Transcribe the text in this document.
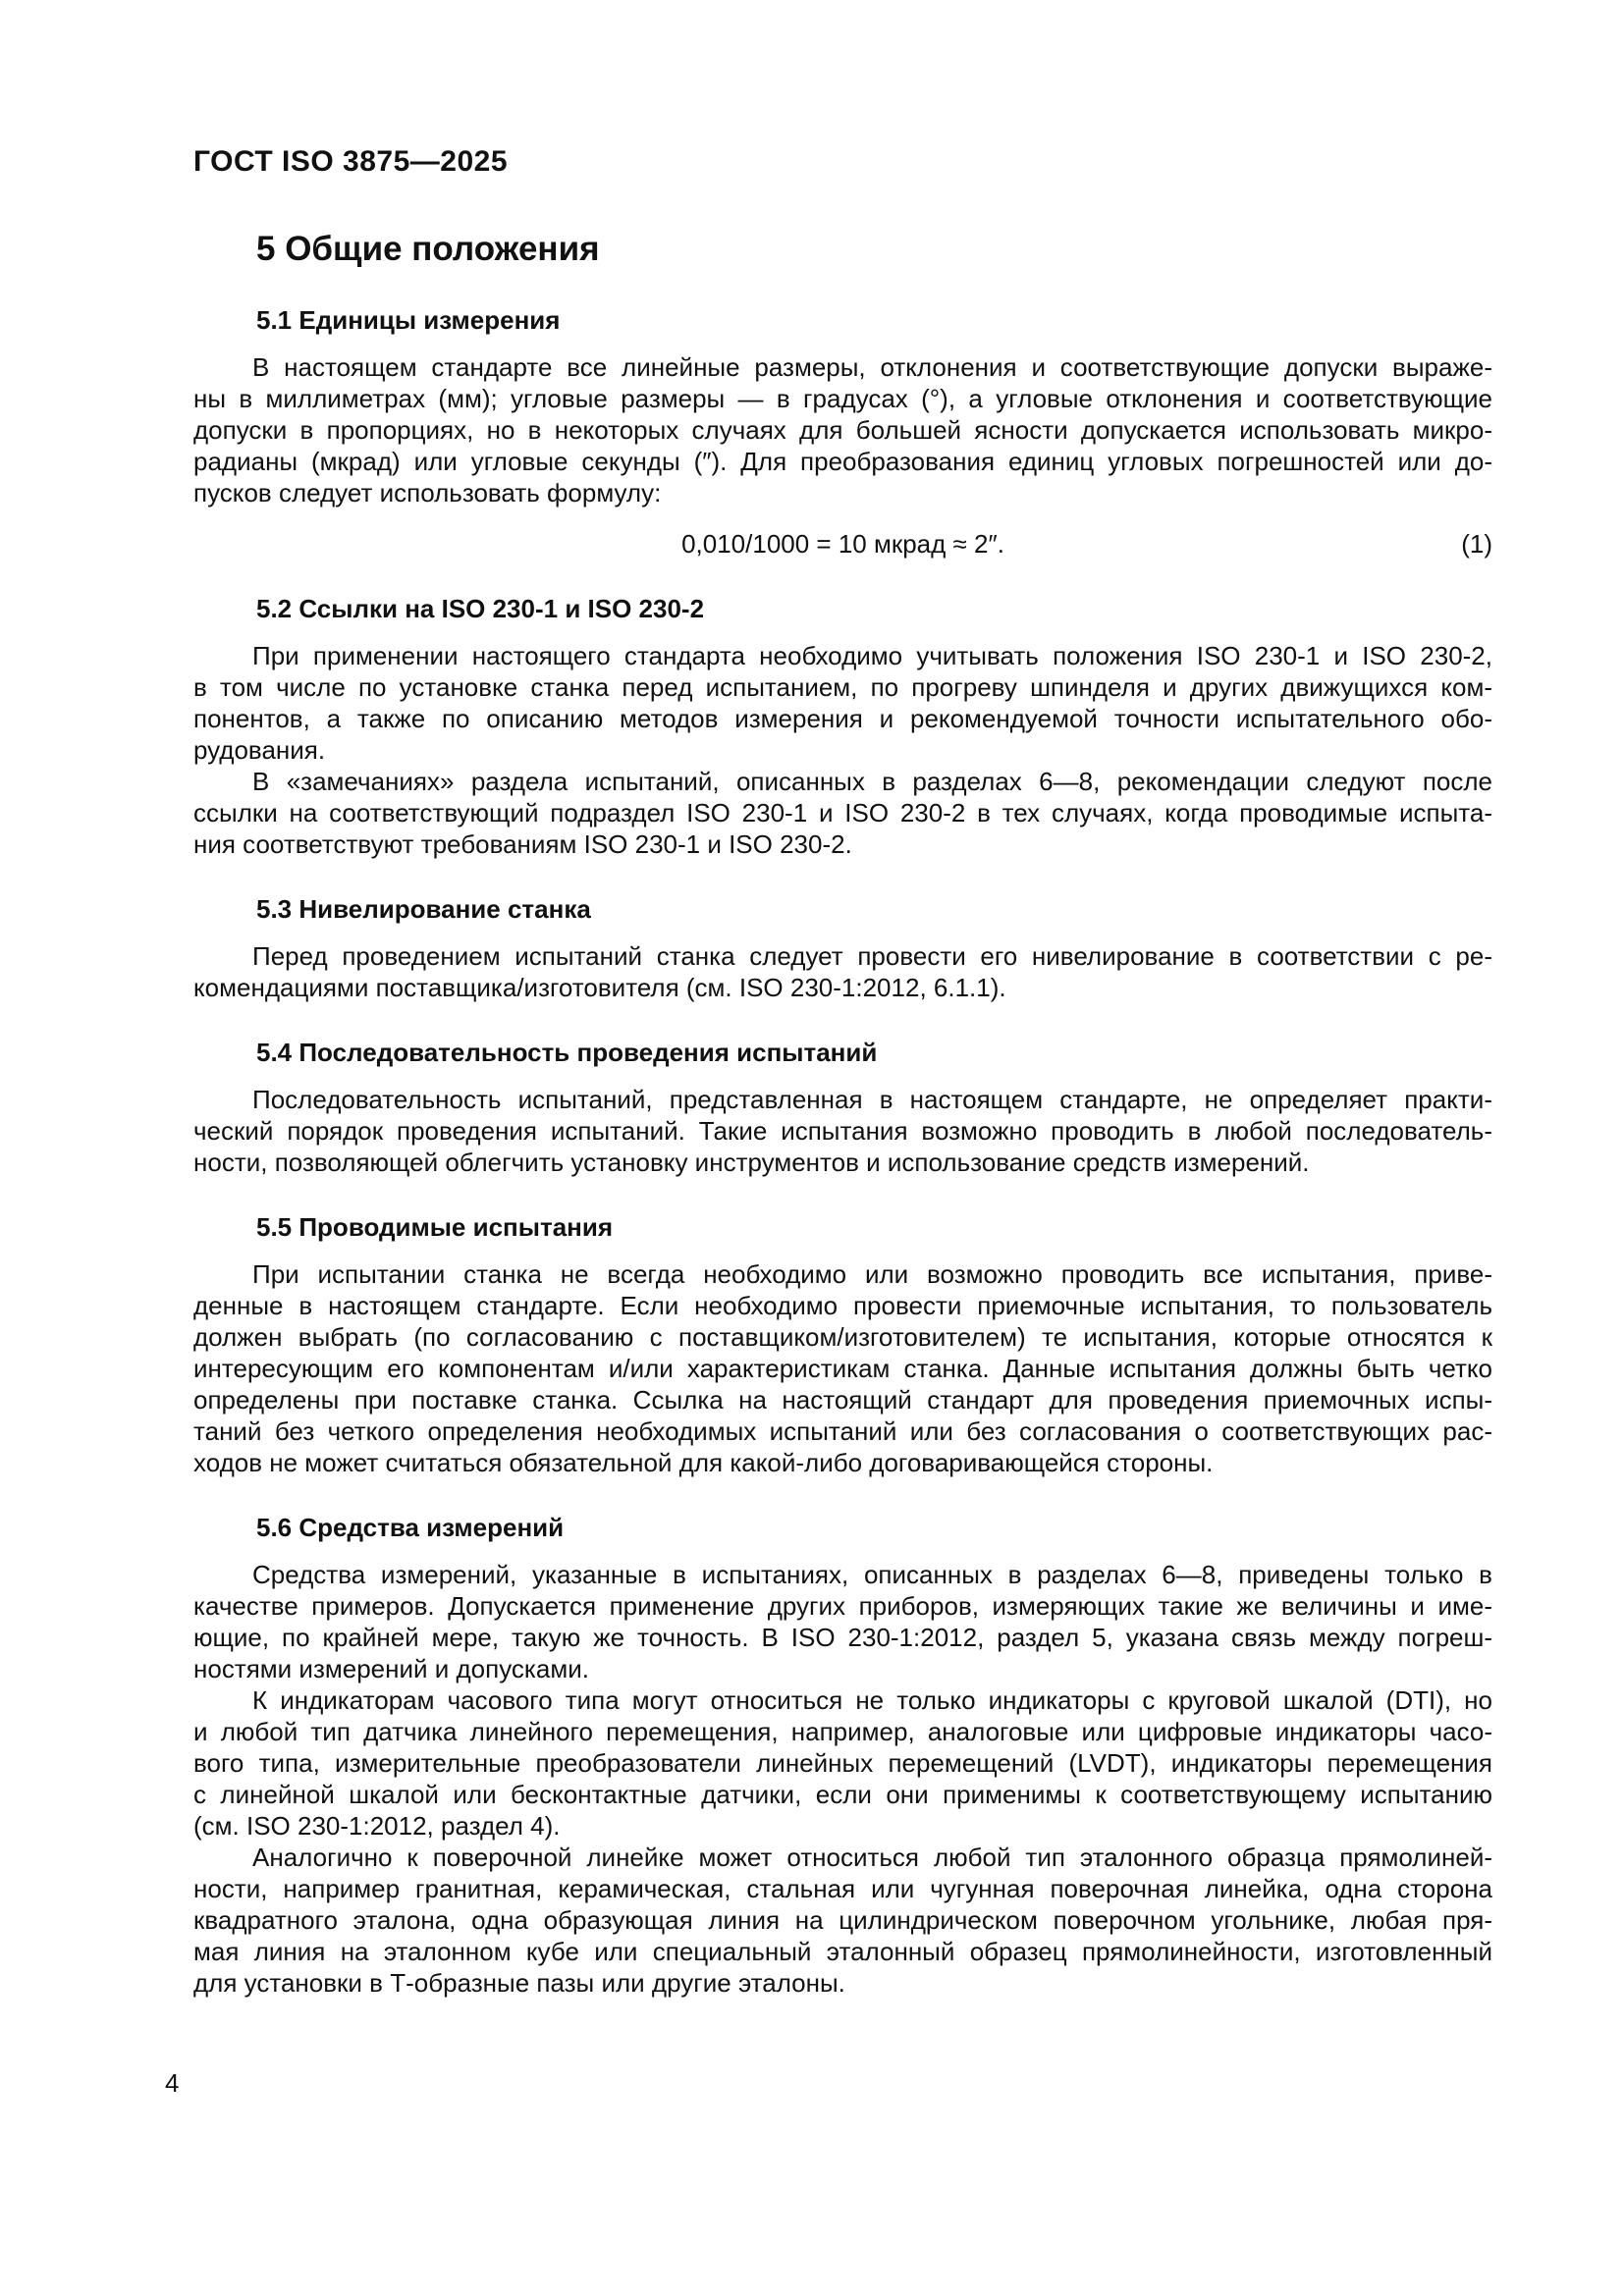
ГОСТ ISO 3875—2025
5 Общие положения
5.1 Единицы измерения
В настоящем стандарте все линейные размеры, отклонения и соответствующие допуски выраже-
ны в миллиметрах (мм); угловые размеры — в градусах (°), а угловые отклонения и соответствующие
допуски в пропорциях, но в некоторых случаях для большей ясности допускается использовать микро-
радианы (мкрад) или угловые секунды (″). Для преобразования единиц угловых погрешностей или до-
пусков следует использовать формулу:
0,010/1000 = 10 мкрад ≈ 2″.	(1)
5.2 Ссылки на ISO 230-1 и ISO 230-2
При применении настоящего стандарта необходимо учитывать положения ISO 230-1 и ISO 230-2,
в том числе по установке станка перед испытанием, по прогреву шпинделя и других движущихся ком-
понентов, а также по описанию методов измерения и рекомендуемой точности испытательного обо-
рудования.
В «замечаниях» раздела испытаний, описанных в разделах 6—8, рекомендации следуют после
ссылки на соответствующий подраздел ISO 230-1 и ISO 230-2 в тех случаях, когда проводимые испыта-
ния соответствуют требованиям ISO 230-1 и ISO 230-2.
5.3 Нивелирование станка
Перед проведением испытаний станка следует провести его нивелирование в соответствии с ре-
комендациями поставщика/изготовителя (см. ISO 230-1:2012, 6.1.1).
5.4 Последовательность проведения испытаний
Последовательность испытаний, представленная в настоящем стандарте, не определяет практи-
ческий порядок проведения испытаний. Такие испытания возможно проводить в любой последователь-
ности, позволяющей облегчить установку инструментов и использование средств измерений.
5.5 Проводимые испытания
При испытании станка не всегда необходимо или возможно проводить все испытания, приве-
денные в настоящем стандарте. Если необходимо провести приемочные испытания, то пользователь
должен выбрать (по согласованию с поставщиком/изготовителем) те испытания, которые относятся к
интересующим его компонентам и/или характеристикам станка. Данные испытания должны быть четко
определены при поставке станка. Ссылка на настоящий стандарт для проведения приемочных испы-
таний без четкого определения необходимых испытаний или без согласования о соответствующих рас-
ходов не может считаться обязательной для какой-либо договаривающейся стороны.
5.6 Средства измерений
Средства измерений, указанные в испытаниях, описанных в разделах 6—8, приведены только в
качестве примеров. Допускается применение других приборов, измеряющих такие же величины и име-
ющие, по крайней мере, такую же точность. В ISO 230-1:2012, раздел 5, указана связь между погреш-
ностями измерений и допусками.
К индикаторам часового типа могут относиться не только индикаторы с круговой шкалой (DTI), но
и любой тип датчика линейного перемещения, например, аналоговые или цифровые индикаторы часо-
вого типа, измерительные преобразователи линейных перемещений (LVDT), индикаторы перемещения
с линейной шкалой или бесконтактные датчики, если они применимы к соответствующему испытанию
(см. ISO 230-1:2012, раздел 4).
Аналогично к поверочной линейке может относиться любой тип эталонного образца прямолиней-
ности, например гранитная, керамическая, стальная или чугунная поверочная линейка, одна сторона
квадратного эталона, одна образующая линия на цилиндрическом поверочном угольнике, любая пря-
мая линия на эталонном кубе или специальный эталонный образец прямолинейности, изготовленный
для установки в Т-образные пазы или другие эталоны.
4
